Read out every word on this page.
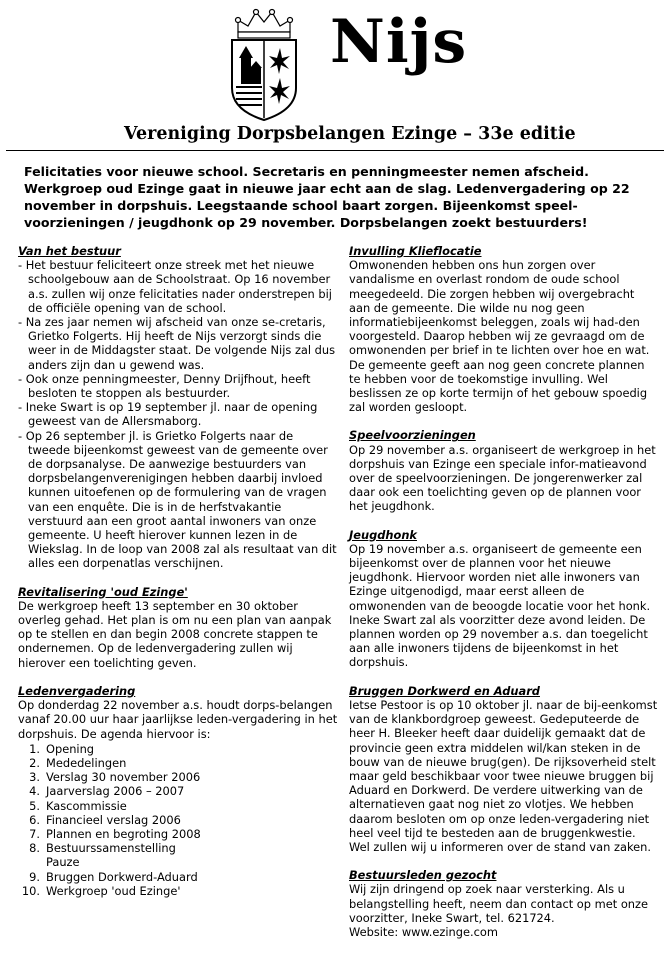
Nijs
Vereniging Dorpsbelangen Ezinge – 33e editie
Felicitaties voor nieuwe school. Secretaris en penningmeester nemen afscheid. Werkgroep oud Ezinge gaat in nieuwe jaar echt aan de slag. Ledenvergadering op 22 november in dorpshuis. Leegstaande school baart zorgen. Bijeenkomst speel-voorzieningen / jeugdhonk op 29 november. Dorpsbelangen zoekt bestuurders!
Van het bestuur
- Het bestuur feliciteert onze streek met het nieuwe schoolgebouw aan de Schoolstraat. Op 16 november a.s. zullen wij onze felicitaties nader onderstrepen bij de officiële opening van de school.
- Na zes jaar nemen wij afscheid van onze se-cretaris, Grietko Folgerts. Hij heeft de Nijs verzorgt sinds die weer in de Middagster staat. De volgende Nijs zal dus anders zijn dan u gewend was.
- Ook onze penningmeester, Denny Drijfhout, heeft besloten te stoppen als bestuurder.
- Ineke Swart is op 19 september jl. naar de opening geweest van de Allersmaborg.
- Op 26 september jl. is Grietko Folgerts naar de tweede bijeenkomst geweest van de gemeente over de dorpsanalyse. De aanwezige bestuurders van dorpsbelangenverenigingen hebben daarbij invloed kunnen uitoefenen op de formulering van de vragen van een enquête. Die is in de herfstvakantie verstuurd aan een groot aantal inwoners van onze gemeente. U heeft hierover kunnen lezen in de Wiekslag. In de loop van 2008 zal als resultaat van dit alles een dorpenatlas verschijnen.
Revitalisering 'oud Ezinge'
De werkgroep heeft 13 september en 30 oktober overleg gehad. Het plan is om nu een plan van aanpak op te stellen en dan begin 2008 concrete stappen te ondernemen. Op de ledenvergadering zullen wij hierover een toelichting geven.
Ledenvergadering
Op donderdag 22 november a.s. houdt dorps-belangen vanaf 20.00 uur haar jaarlijkse leden-vergadering in het dorpshuis. De agenda hiervoor is:
1. Opening
2. Mededelingen
3. Verslag 30 november 2006
4. Jaarverslag 2006 – 2007
5. Kascommissie
6. Financieel verslag 2006
7. Plannen en begroting 2008
8. Bestuurssamenstelling
Pauze
9. Bruggen Dorkwerd-Aduard
10. Werkgroep 'oud Ezinge'
Invulling Klieflocatie
Omwonenden hebben ons hun zorgen over vandalisme en overlast rondom de oude school meegedeeld. Die zorgen hebben wij overgebracht aan de gemeente. Die wilde nu nog geen informatiebijeenkomst beleggen, zoals wij had-den voorgesteld. Daarop hebben wij ze gevraagd om de omwonenden per brief in te lichten over hoe en wat. De gemeente geeft aan nog geen concrete plannen te hebben voor de toekomstige invulling. Wel beslissen ze op korte termijn of het gebouw spoedig zal worden gesloopt.
Speelvoorzieningen
Op 29 november a.s. organiseert de werkgroep in het dorpshuis van Ezinge een speciale infor-matieavond over de speelvoorzieningen. De jongerenwerker zal daar ook een toelichting geven op de plannen voor het jeugdhonk.
Jeugdhonk
Op 19 november a.s. organiseert de gemeente een bijeenkomst over de plannen voor het nieuwe jeugdhonk. Hiervoor worden niet alle inwoners van Ezinge uitgenodigd, maar eerst alleen de omwonenden van de beoogde locatie voor het honk. Ineke Swart zal als voorzitter deze avond leiden. De plannen worden op 29 november a.s. dan toegelicht aan alle inwoners tijdens de bijeenkomst in het dorpshuis.
Bruggen Dorkwerd en Aduard
Ietse Pestoor is op 10 oktober jl. naar de bij-eenkomst van de klankbordgroep geweest. Gedeputeerde de heer H. Bleeker heeft daar duidelijk gemaakt dat de provincie geen extra middelen wil/kan steken in de bouw van de nieuwe brug(gen). De rijksoverheid stelt maar geld beschikbaar voor twee nieuwe bruggen bij Aduard en Dorkwerd. De verdere uitwerking van de alternatieven gaat nog niet zo vlotjes. We hebben daarom besloten om op onze leden-vergadering niet heel veel tijd te besteden aan de bruggenkwestie. Wel zullen wij u informeren over de stand van zaken.
Bestuursleden gezocht
Wij zijn dringend op zoek naar versterking. Als u belangstelling heeft, neem dan contact op met onze voorzitter, Ineke Swart, tel. 621724.
Website: www.ezinge.com
